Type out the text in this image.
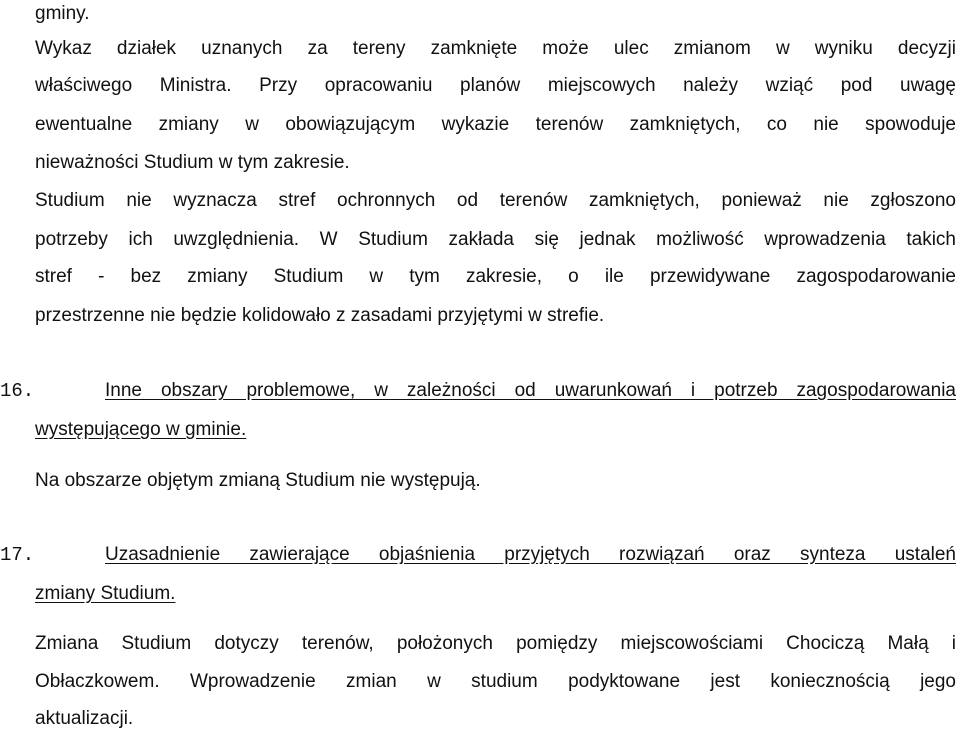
gminy.
Wykaz działek uznanych za tereny zamknięte może ulec zmianom w wyniku decyzji
właściwego Ministra. Przy opracowaniu planów miejscowych należy wziąć pod uwagę
ewentualne zmiany w obowiązującym wykazie terenów zamkniętych, co nie spowoduje
nieważności Studium w tym zakresie.
Studium nie wyznacza stref ochronnych od terenów zamkniętych, ponieważ nie zgłoszono
potrzeby ich uwzględnienia. W Studium zakłada się jednak możliwość wprowadzenia takich
stref - bez zmiany Studium w tym zakresie, o ile przewidywane zagospodarowanie
przestrzenne nie będzie kolidowało z zasadami przyjętymi w strefie.
16.	Inne obszary problemowe, w zależności od uwarunkowań i potrzeb zagospodarowania
występującego w gminie.
Na obszarze objętym zmianą Studium nie występują.
17.	Uzasadnienie zawierające objaśnienia przyjętych rozwiązań oraz synteza ustaleń
zmiany Studium.
Zmiana Studium dotyczy terenów, położonych pomiędzy miejscowościami Chociczą Małą i
Obłaczkowem. Wprowadzenie zmian w studium podyktowane jest koniecznością jego
aktualizacji.
